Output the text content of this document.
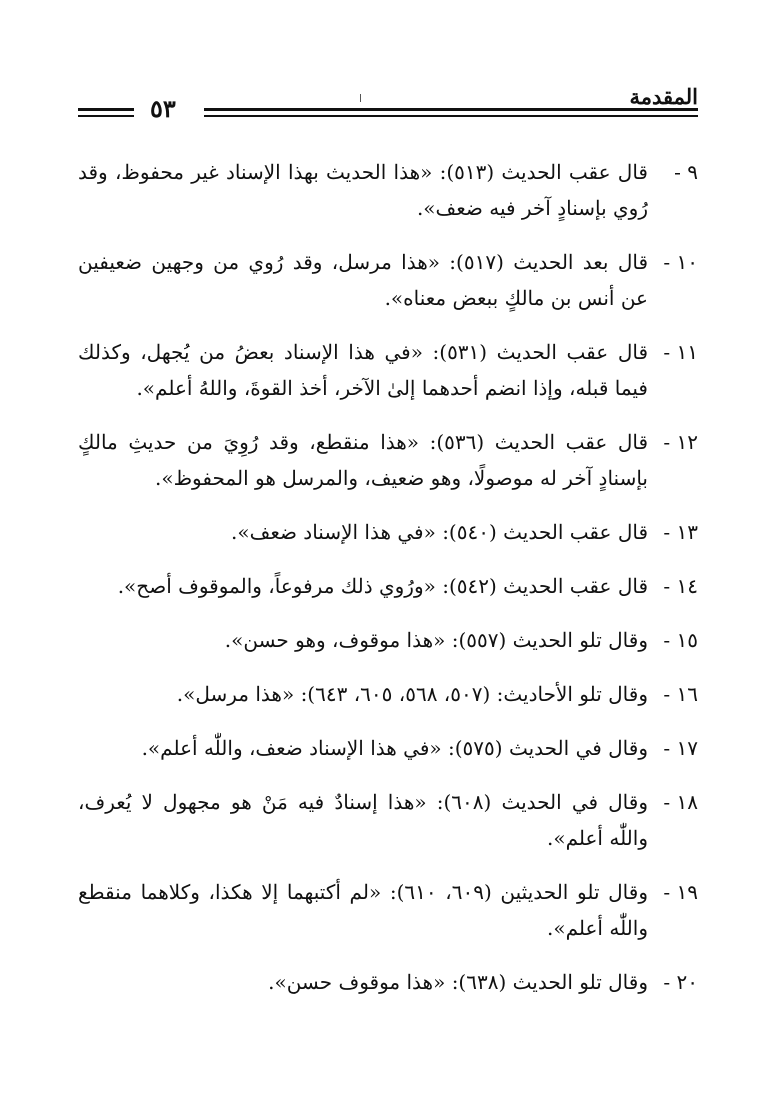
المقدمة
٥٣
٩ -
قال عقب الحديث (٥١٣): «هذا الحديث بهذا الإسناد غير محفوظ، وقد رُوي بإسنادٍ آخر فيه ضعف».
١٠ -
قال بعد الحديث (٥١٧): «هذا مرسل، وقد رُوي من وجهين ضعيفين عن أنس بن مالكٍ ببعض معناه».
١١ -
قال عقب الحديث (٥٣١): «في هذا الإسناد بعضُ من يُجهل، وكذلك فيما قبله، وإذا انضم أحدهما إلىٰ الآخر، أخذ القوةَ، واللهُ أعلم».
١٢ -
قال عقب الحديث (٥٣٦): «هذا منقطع، وقد رُوِيَ من حديثِ مالكٍ بإسنادٍ آخر له موصولًا، وهو ضعيف، والمرسل هو المحفوظ».
١٣ -
قال عقب الحديث (٥٤٠): «في هذا الإسناد ضعف».
١٤ -
قال عقب الحديث (٥٤٢): «ورُوي ذلك مرفوعاً، والموقوف أصح».
١٥ -
وقال تلو الحديث (٥٥٧): «هذا موقوف، وهو حسن».
١٦ -
وقال تلو الأحاديث: (٥٠٧، ٥٦٨، ٦٠٥، ٦٤٣): «هذا مرسل».
١٧ -
وقال في الحديث (٥٧٥): «في هذا الإسناد ضعف، واللّٰه أعلم».
١٨ -
وقال في الحديث (٦٠٨): «هذا إسنادٌ فيه مَنْ هو مجهول لا يُعرف، واللّٰه أعلم».
١٩ -
وقال تلو الحديثين (٦٠٩، ٦١٠): «لم أكتبهما إلا هكذا، وكلاهما منقطع واللّٰه أعلم».
٢٠ -
وقال تلو الحديث (٦٣٨): «هذا موقوف حسن».
